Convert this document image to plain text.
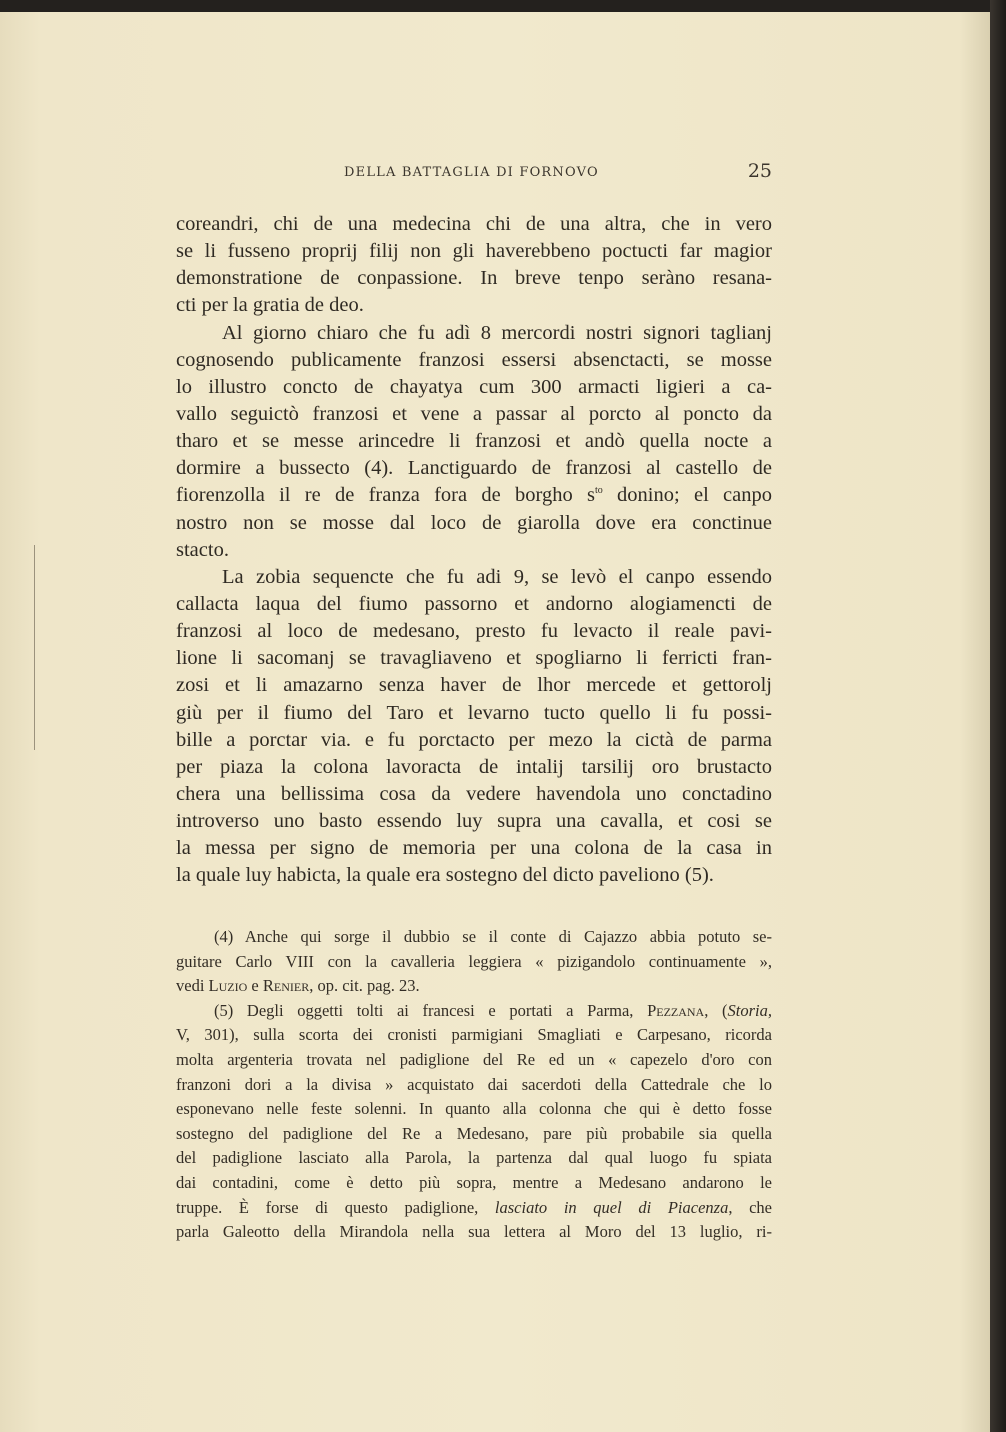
DELLA BATTAGLIA DI FORNOVO	25
coreandri, chi de una medecina chi de una altra, che in vero
se li fusseno proprij filij non gli haverebbeno poctucti far magior
demonstratione de conpassione. In breve tenpo seràno resana-
cti per la gratia de deo.
Al giorno chiaro che fu adì 8 mercordi nostri signori taglianj
cognosendo publicamente franzosi essersi absenctacti, se mosse
lo illustro concto de chayatya cum 300 armacti ligieri a ca-
vallo seguictò franzosi et vene a passar al porcto al poncto da
tharo et se messe arincedre li franzosi et andò quella nocte a
dormire a bussecto (4). Lanctiguardo de franzosi al castello de
fiorenzolla il re de franza fora de borgho $s^{to}$ donino; el canpo
nostro non se mosse dal loco de giarolla dove era conctinue
stacto.
La zobia sequencte che fu adi 9, se levò el canpo essendo
callacta laqua del fiumo passorno et andorno alogiamencti de
franzosi al loco de medesano, presto fu levacto il reale pavi-
lione li sacomanj se travagliaveno et spogliarno li ferricti fran-
zosi et li amazarno senza haver de lhor mercede et gettorolj
giù per il fiumo del Taro et levarno tucto quello li fu possi-
bille a porctar via. e fu porctacto per mezo la cictà de parma
per piaza la colona lavoracta de intalij tarsilij oro brustacto
chera una bellissima cosa da vedere havendola uno conctadino
introverso uno basto essendo luy supra una cavalla, et cosi se
la messa per signo de memoria per una colona de la casa in
la quale luy habicta, la quale era sostegno del dicto paveliono (5).
(4) Anche qui sorge il dubbio se il conte di Cajazzo abbia potuto se-
guitare Carlo VIII con la cavalleria leggiera « pizigandolo continuamente »,
vedi Luzio e Renier, op. cit. pag. 23.
(5) Degli oggetti tolti ai francesi e portati a Parma, Pezzana, (Storia,
V, 301), sulla scorta dei cronisti parmigiani Smagliati e Carpesano, ricorda
molta argenteria trovata nel padiglione del Re ed un « capezelo d'oro con
franzoni dori a la divisa » acquistato dai sacerdoti della Cattedrale che lo
esponevano nelle feste solenni. In quanto alla colonna che qui è detto fosse
sostegno del padiglione del Re a Medesano, pare più probabile sia quella
del padiglione lasciato alla Parola, la partenza dal qual luogo fu spiata
dai contadini, come è detto più sopra, mentre a Medesano andarono le
truppe. È forse di questo padiglione, lasciato in quel di Piacenza, che
parla Galeotto della Mirandola nella sua lettera al Moro del 13 luglio, ri-
